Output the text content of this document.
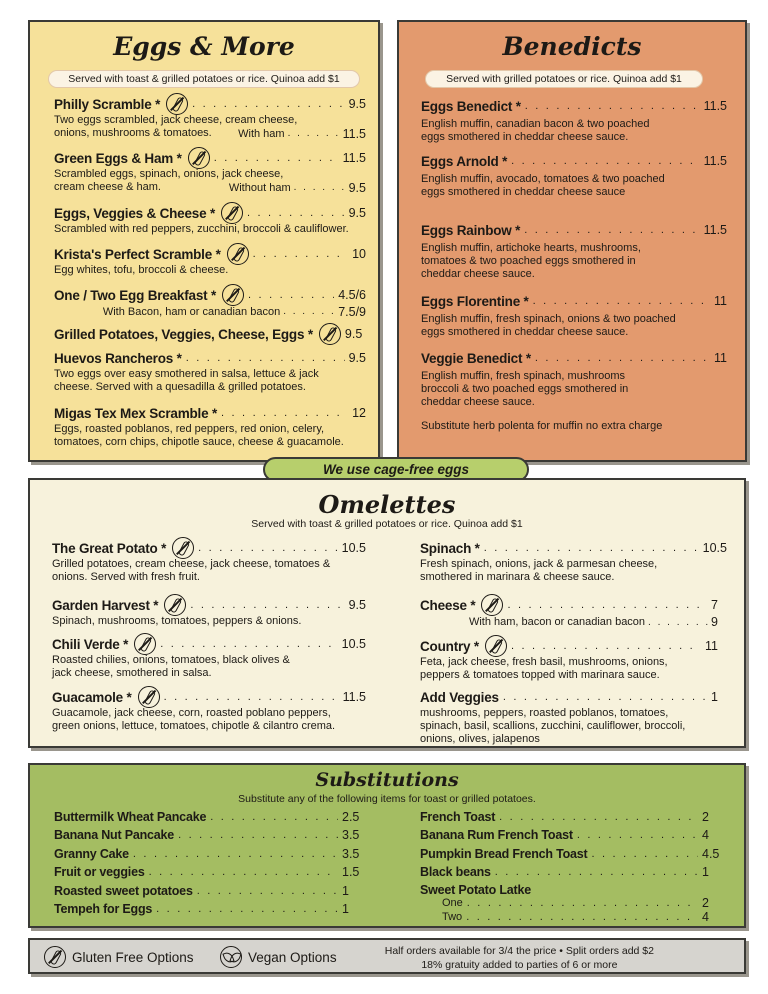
Eggs & More
Served with toast & grilled potatoes or rice. Quinoa add $1
Philly Scramble * . . .	9.5
Two eggs scrambled, jack cheese, cream cheese, onions, mushrooms & tomatoes.	With ham . . .	11.5
Green Eggs & Ham * . . .	11.5
Scrambled eggs, spinach, onions, jack cheese, cream cheese & ham.	Without ham . . .	9.5
Eggs, Veggies & Cheese * . . .	9.5
Scrambled with red peppers, zucchini, broccoli & cauliflower.
Krista's Perfect Scramble * . . .	10
Egg whites, tofu, broccoli & cheese.
One / Two Egg Breakfast * . . .	4.5/6
With Bacon, ham or canadian bacon . . .	7.5/9
Grilled Potatoes, Veggies, Cheese, Eggs *	9.5
Huevos Rancheros * . . .	9.5
Two eggs over easy smothered in salsa, lettuce & jack cheese. Served with a quesadilla & grilled potatoes.
Migas Tex Mex Scramble * . . .	12
Eggs, roasted poblanos, red peppers, red onion, celery, tomatoes, corn chips, chipotle sauce, cheese & guacamole.
Benedicts
Served with grilled potatoes or rice. Quinoa add $1
Eggs Benedict * . . .	11.5
English muffin, canadian bacon & two poached eggs smothered in cheddar cheese sauce.
Eggs Arnold * . . .	11.5
English muffin, avocado, tomatoes & two poached eggs smothered in cheddar cheese sauce
Eggs Rainbow * . . .	11.5
English muffin, artichoke hearts, mushrooms, tomatoes & two poached eggs smothered in cheddar cheese sauce.
Eggs Florentine * . . .	11
English muffin, fresh spinach, onions & two poached eggs smothered in cheddar cheese sauce.
Veggie Benedict * . . .	11
English muffin, fresh spinach, mushrooms broccoli & two poached eggs smothered in cheddar cheese sauce.
Substitute herb polenta for muffin no extra charge
We use cage-free eggs
Omelettes
Served with toast & grilled potatoes or rice. Quinoa add $1
The Great Potato * . . .	10.5
Grilled potatoes, cream cheese, jack cheese, tomatoes & onions. Served with fresh fruit.
Garden Harvest * . . .	9.5
Spinach, mushrooms, tomatoes, peppers & onions.
Chili Verde * . . .	10.5
Roasted chilies, onions, tomatoes, black olives & jack cheese, smothered in salsa.
Guacamole * . . .	11.5
Guacamole, jack cheese, corn, roasted poblano peppers, green onions, lettuce, tomatoes, chipotle & cilantro crema.
Spinach * . . .	10.5
Fresh spinach, onions, jack & parmesan cheese, smothered in marinara & cheese sauce.
Cheese * . . .	7
With ham, bacon or canadian bacon . . .	9
Country * . . .	11
Feta, jack cheese, fresh basil, mushrooms, onions, peppers & tomatoes topped with marinara sauce.
Add Veggies . . .	1
mushrooms, peppers, roasted poblanos, tomatoes, spinach, basil, scallions, zucchini, cauliflower, broccoli, onions, olives, jalapenos
Substitutions
Substitute any of the following items for toast or grilled potatoes.
Buttermilk Wheat Pancake . . .	2.5
Banana Nut Pancake . . .	3.5
Granny Cake . . .	3.5
Fruit or veggies . . .	1.5
Roasted sweet potatoes . . .	1
Tempeh for Eggs . . .	1
French Toast . . .	2
Banana Rum French Toast . . .	4
Pumpkin Bread French Toast . . .	4.5
Black beans . . .	1
Sweet Potato Latke
One . . .	2
Two . . .	4
Gluten Free Options	Vegan Options	Half orders available for 3/4 the price • Split orders add $2
18% gratuity added to parties of 6 or more
